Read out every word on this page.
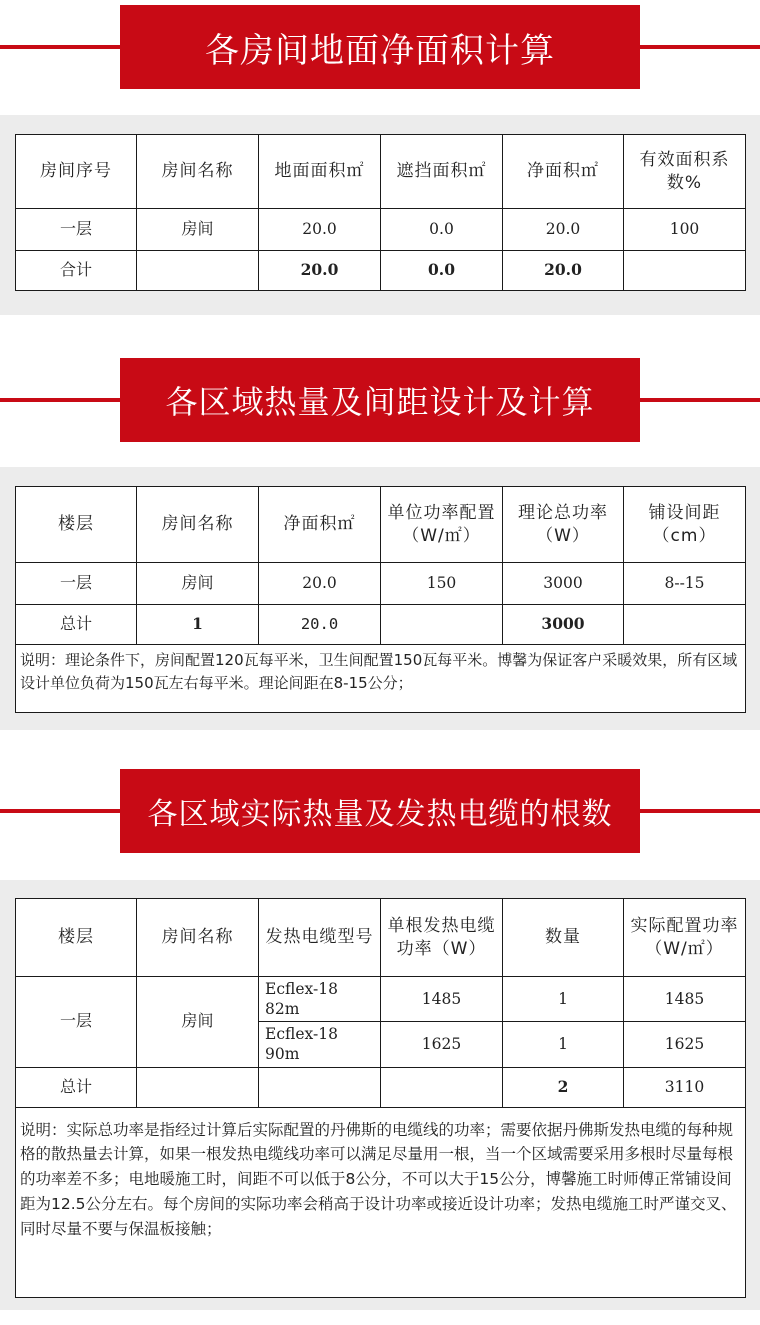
各房间地面净面积计算
房间序号	房间名称	地面面积㎡	遮挡面积㎡	净面积㎡	有效面积系数%
一层	房间	20.0	0.0	20.0	100
合计		20.0	0.0	20.0	
各区域热量及间距设计及计算
楼层	房间名称	净面积㎡	单位功率配置（W/㎡）	理论总功率（W）	铺设间距（cm）
一层	房间	20.0	150	3000	8--15
总计	1	20.0		3000	
说明：理论条件下，房间配置120瓦每平米，卫生间配置150瓦每平米。博馨为保证客户采暖效果，所有区域设计单位负荷为150瓦左右每平米。理论间距在8-15公分；					
各区域实际热量及发热电缆的根数
楼层	房间名称	发热电缆型号	单根发热电缆功率（W）	数量	实际配置功率（W/㎡）
一层	房间	Ecflex-18 82m	1485	1	1485
		Ecflex-18 90m	1625	1	1625
总计				2	3110
说明：实际总功率是指经过计算后实际配置的丹佛斯的电缆线的功率；需要依据丹佛斯发热电缆的每种规格的散热量去计算，如果一根发热电缆线功率可以满足尽量用一根，当一个区域需要采用多根时尽量每根的功率差不多；电地暖施工时，间距不可以低于8公分，不可以大于15公分，博馨施工时师傅正常铺设间距为12.5公分左右。每个房间的实际功率会稍高于设计功率或接近设计功率；发热电缆施工时严谨交叉、同时尽量不要与保温板接触；					
